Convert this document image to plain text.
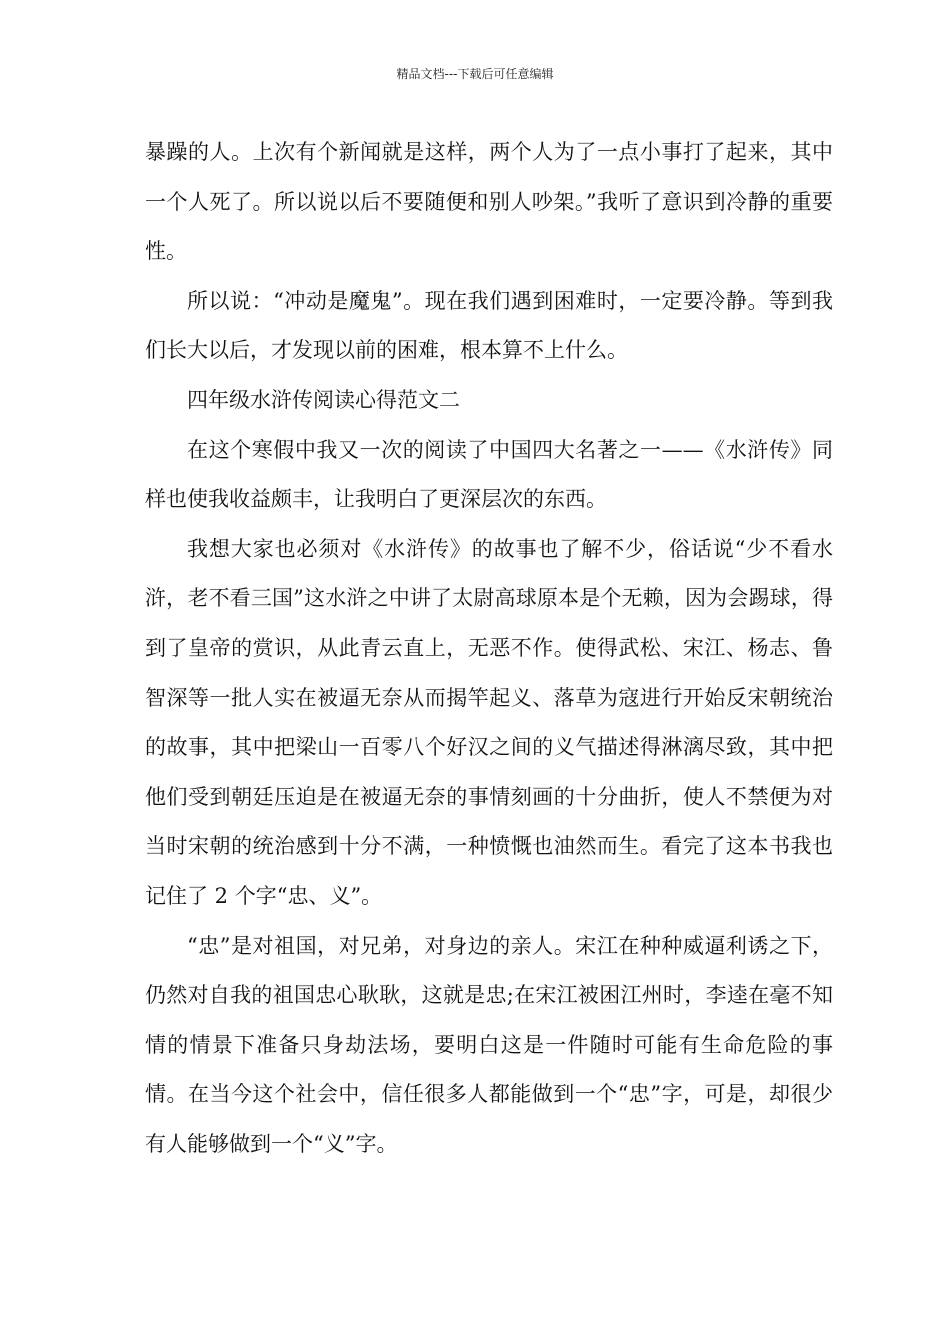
精品文档---下载后可任意编辑

暴躁的人。上次有个新闻就是这样，两个人为了一点小事打了起来，其中一个人死了。所以说以后不要随便和别人吵架。”我听了意识到冷静的重要性。

所以说：“冲动是魔鬼”。现在我们遇到困难时，一定要冷静。等到我们长大以后，才发现以前的困难，根本算不上什么。

四年级水浒传阅读心得范文二

在这个寒假中我又一次的阅读了中国四大名著之一——《水浒传》同样也使我收益颇丰，让我明白了更深层次的东西。

我想大家也必须对《水浒传》的故事也了解不少，俗话说“少不看水浒，老不看三国”这水浒之中讲了太尉高球原本是个无赖，因为会踢球，得到了皇帝的赏识，从此青云直上，无恶不作。使得武松、宋江、杨志、鲁智深等一批人实在被逼无奈从而揭竿起义、落草为寇进行开始反宋朝统治的故事，其中把梁山一百零八个好汉之间的义气描述得淋漓尽致，其中把他们受到朝廷压迫是在被逼无奈的事情刻画的十分曲折，使人不禁便为对当时宋朝的统治感到十分不满，一种愤慨也油然而生。看完了这本书我也记住了 2 个字“忠、义”。

“忠”是对祖国，对兄弟，对身边的亲人。宋江在种种威逼利诱之下，仍然对自我的祖国忠心耿耿，这就是忠;在宋江被困江州时，李逵在毫不知情的情景下准备只身劫法场，要明白这是一件随时可能有生命危险的事情。在当今这个社会中，信任很多人都能做到一个“忠”字，可是，却很少有人能够做到一个“义”字。
